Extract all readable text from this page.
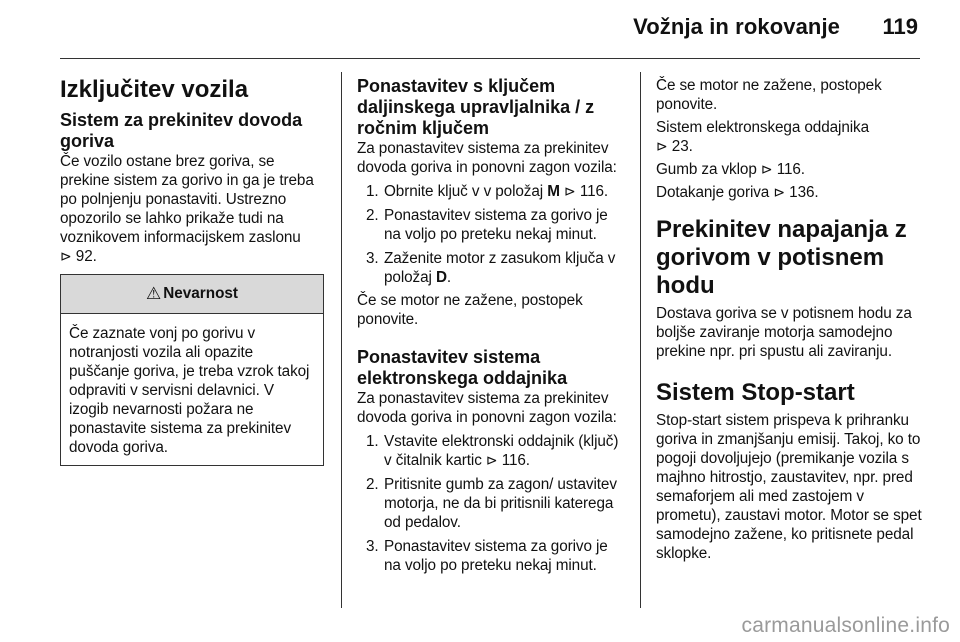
Vožnja in rokovanje 119
Izključitev vozila
Sistem za prekinitev dovoda goriva

Če vozilo ostane brez goriva, se prekine sistem za gorivo in ga je treba po polnjenju ponastaviti. Ustrezno opozorilo se lahko prikaže tudi na voznikovem informacijskem zaslonu
⊳ 92.

⚠ Nevarnost
Če zaznate vonj po gorivu v notranjosti vozila ali opazite puščanje goriva, je treba vzrok takoj odpraviti v servisni delavnici. V izogib nevarnosti požara ne ponastavite sistema za prekinitev dovoda goriva.
Ponastavitev s ključem daljinskega upravljalnika / z ročnim ključem

Za ponastavitev sistema za prekinitev dovoda goriva in ponovni zagon vozila:

1. Obrnite ključ v v položaj M ⊳ 116.
2. Ponastavitev sistema za gorivo je na voljo po preteku nekaj minut.
3. Zaženite motor z zasukom ključa v položaj D.

Če se motor ne zažene, postopek ponovite.

Ponastavitev sistema elektronskega oddajnika

Za ponastavitev sistema za prekinitev dovoda goriva in ponovni zagon vozila:

1. Vstavite elektronski oddajnik (ključ) v čitalnik kartic ⊳ 116.
2. Pritisnite gumb za zagon/ ustavitev motorja, ne da bi pritisnili katerega od pedalov.
3. Ponastavitev sistema za gorivo je na voljo po preteku nekaj minut.

Če se motor ne zažene, postopek ponovite.

Sistem elektronskega oddajnika
⊳ 23.

Gumb za vklop ⊳ 116.

Dotakanje goriva ⊳ 136.

Prekinitev napajanja z gorivom v potisnem hodu

Dostava goriva se v potisnem hodu za boljše zaviranje motorja samodejno prekine npr. pri spustu ali zaviranju.

Sistem Stop-start

Stop-start sistem prispeva k prihranku goriva in zmanjšanju emisij. Takoj, ko to pogoji dovoljujejo (premikanje vozila s majhno hitrostjo, zaustavitev, npr. pred semaforjem ali med zastojem v prometu), zaustavi motor. Motor se spet samodejno zažene, ko pritisnete pedal sklopke.

carmanualsonline.info
